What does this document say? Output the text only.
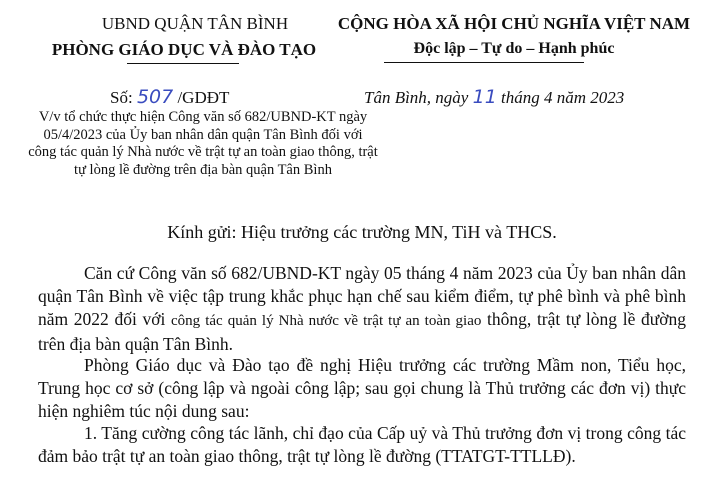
UBND QUẬN TÂN BÌNH
PHÒNG GIÁO DỤC VÀ ĐÀO TẠO
CỘNG HÒA XÃ HỘI CHỦ NGHĨA VIỆT NAM
Độc lập – Tự do – Hạnh phúc
Số: 507 /GDĐT	Tân Bình, ngày 11 tháng 4 năm 2023
V/v tổ chức thực hiện Công văn số 682/UBND-KT ngày 05/4/2023 của Ủy ban nhân dân quận Tân Bình đối với công tác quản lý Nhà nước về trật tự an toàn giao thông, trật tự lòng lề đường trên địa bàn quận Tân Bình
Kính gửi: Hiệu trưởng các trường MN, TiH và THCS.
Căn cứ Công văn số 682/UBND-KT ngày 05 tháng 4 năm 2023 của Ủy ban nhân dân quận Tân Bình về việc tập trung khắc phục hạn chế sau kiểm điểm, tự phê bình và phê bình năm 2022 đối với công tác quản lý Nhà nước về trật tự an toàn giao thông, trật tự lòng lề đường trên địa bàn quận Tân Bình.
Phòng Giáo dục và Đào tạo đề nghị Hiệu trưởng các trường Mầm non, Tiểu học, Trung học cơ sở (công lập và ngoài công lập; sau gọi chung là Thủ trưởng các đơn vị) thực hiện nghiêm túc nội dung sau:
1. Tăng cường công tác lãnh, chỉ đạo của Cấp uỷ và Thủ trưởng đơn vị trong công tác đảm bảo trật tự an toàn giao thông, trật tự lòng lề đường (TTATGT-TTLLĐ).
